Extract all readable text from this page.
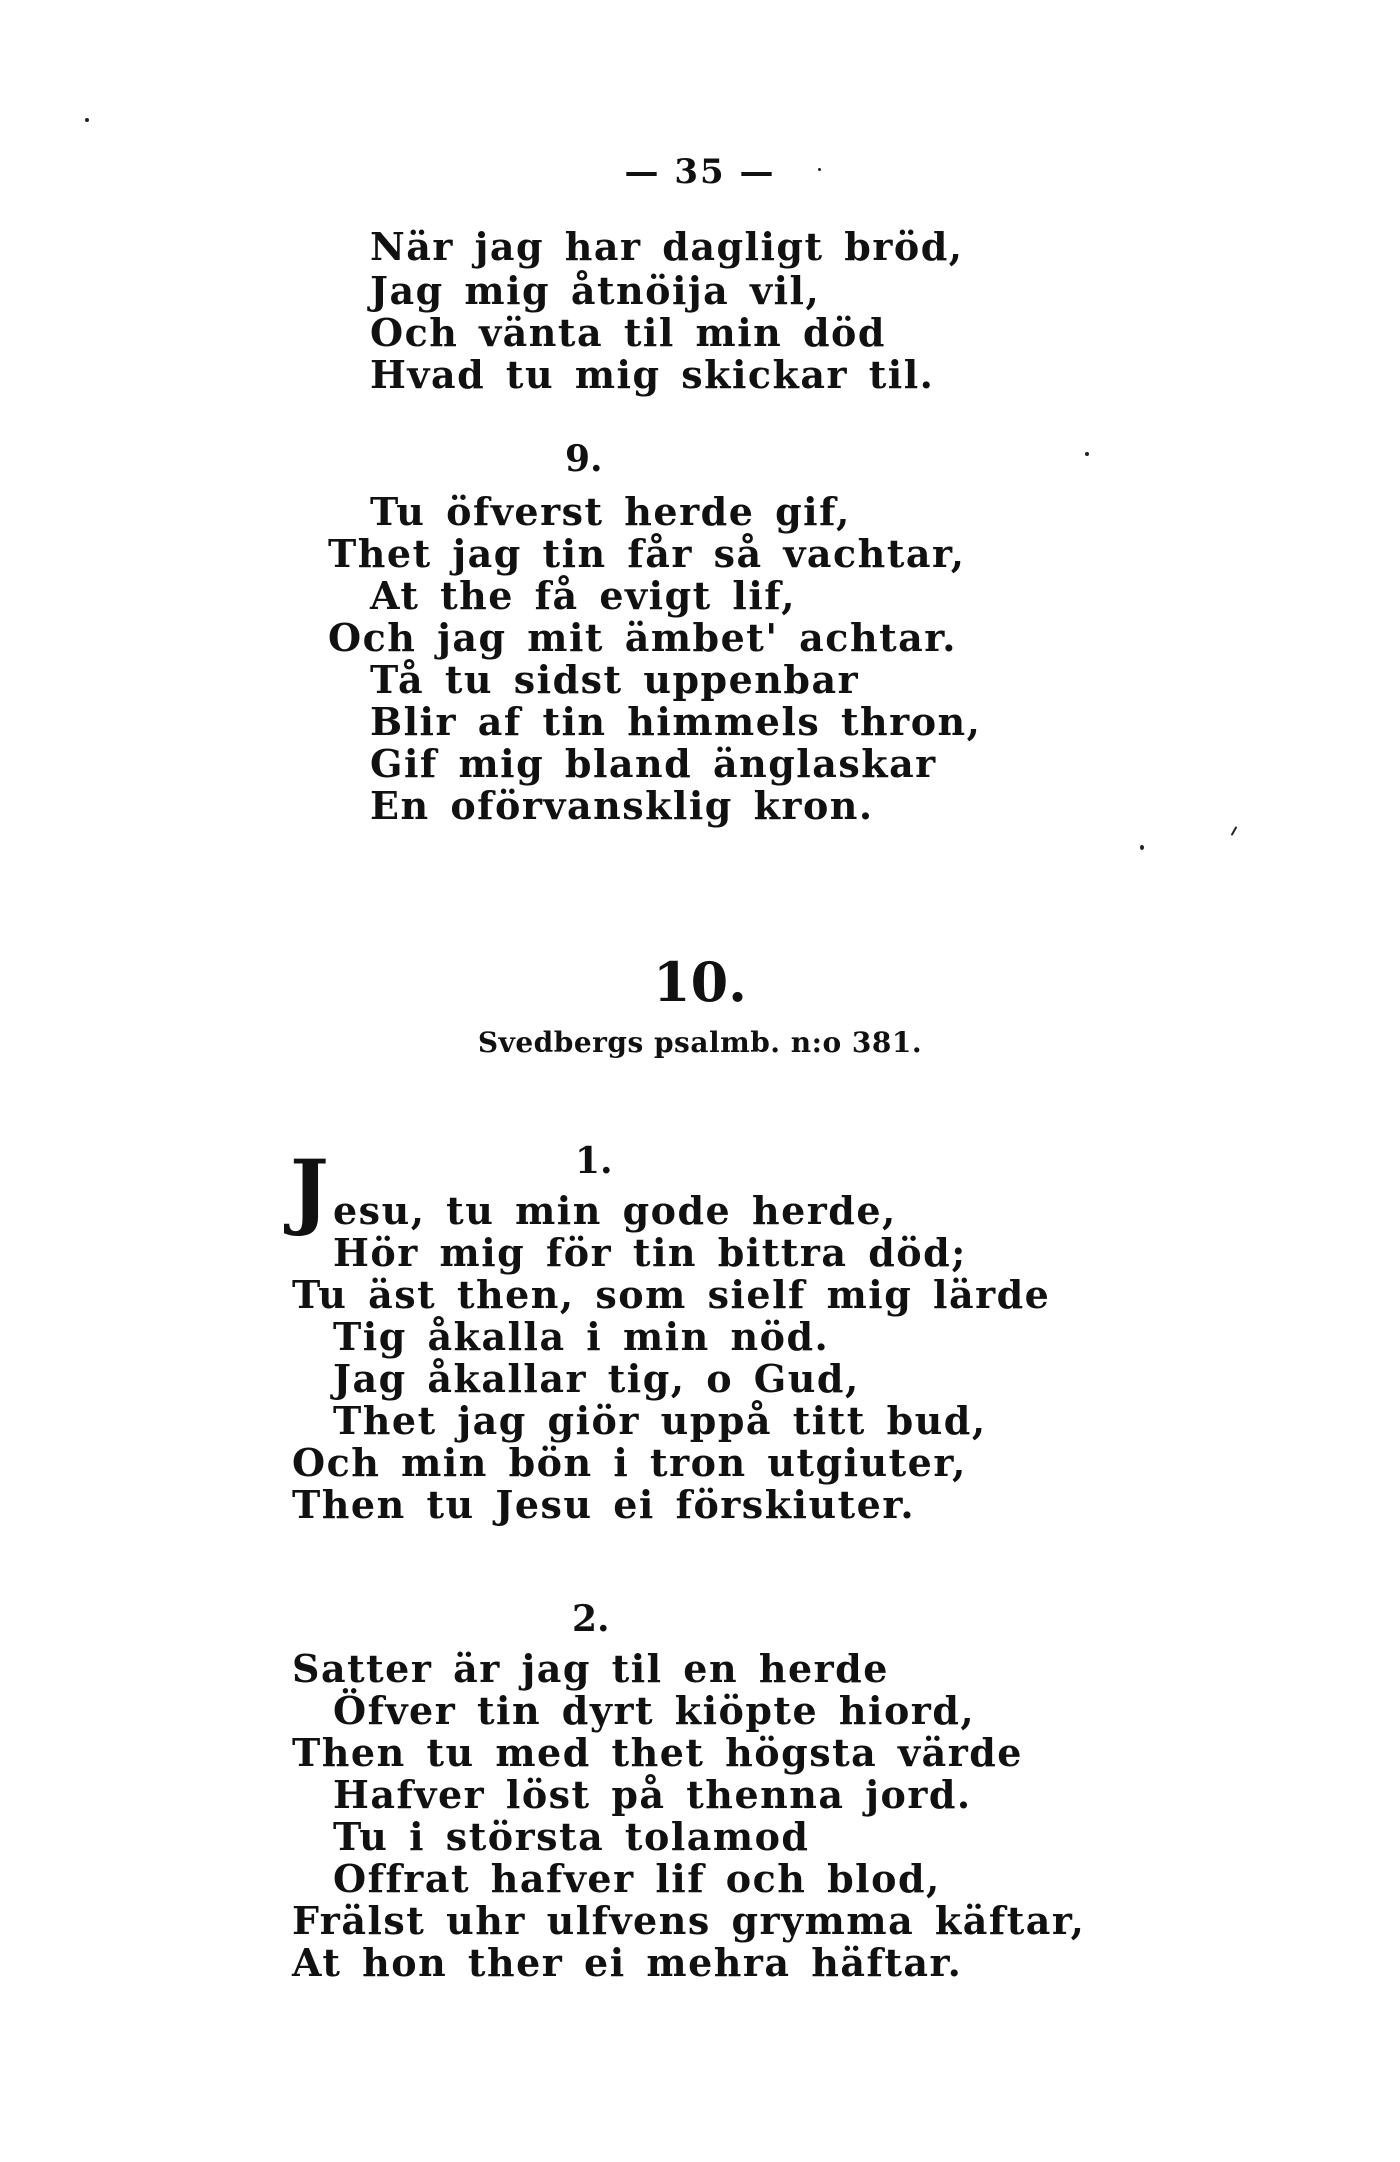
— 35 —
När jag har dagligt bröd,
Jag mig åtnöija vil,
Och vänta til min död
Hvad tu mig skickar til.
9.
Tu öfverst herde gif,
Thet jag tin får så vachtar,
At the få evigt lif,
Och jag mit ämbet' achtar.
Tå tu sidst uppenbar
Blir af tin himmels thron,
Gif mig bland änglaskar
En oförvansklig kron.
10.
Svedbergs psalmb. n:o 381.
1.
J esu, tu min gode herde,
Hör mig för tin bittra död;
Tu äst then, som sielf mig lärde
Tig åkalla i min nöd.
Jag åkallar tig, o Gud,
Thet jag giör uppå titt bud,
Och min bön i tron utgiuter,
Then tu Jesu ei förskiuter.
2.
Satter är jag til en herde
Öfver tin dyrt kiöpte hiord,
Then tu med thet högsta värde
Hafver löst på thenna jord.
Tu i största tolamod
Offrat hafver lif och blod,
Frälst uhr ulfvens grymma käftar,
At hon ther ei mehra häftar.
